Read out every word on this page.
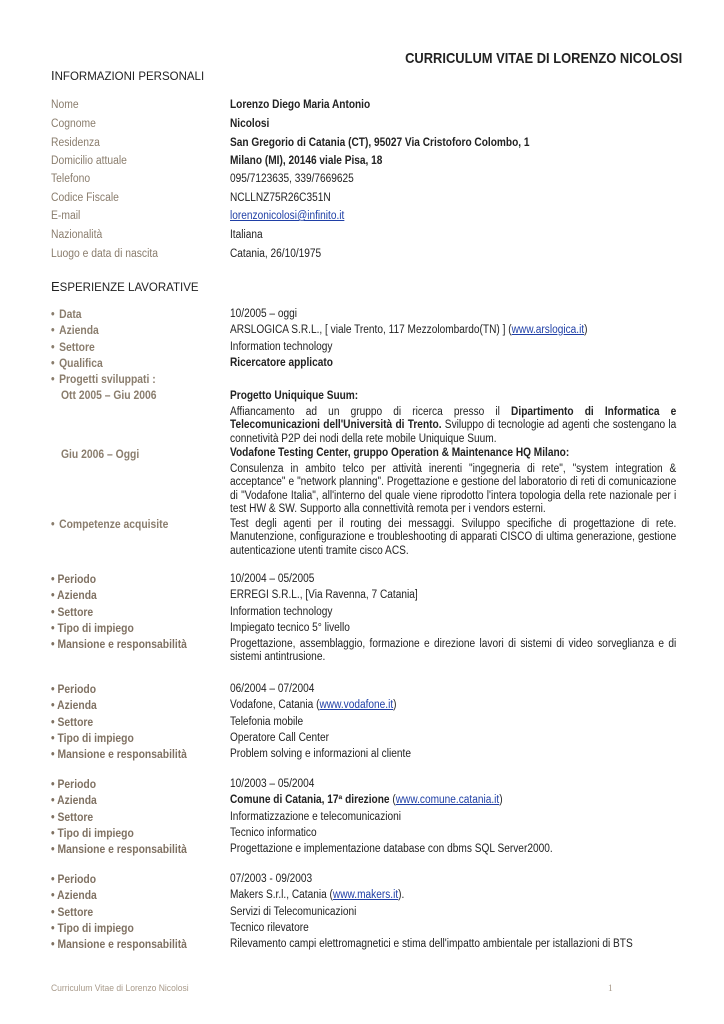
CURRICULUM VITAE DI LORENZO NICOLOSI
INFORMAZIONI PERSONALI
Nome	Lorenzo Diego Maria Antonio
Cognome	Nicolosi
Residenza	San Gregorio di Catania (CT), 95027 Via Cristoforo Colombo, 1
Domicilio attuale	Milano (MI), 20146 viale Pisa, 18
Telefono	095/7123635, 339/7669625
Codice Fiscale	NCLLNZ75R26C351N
E-mail	lorenzonicolosi@infinito.it
Nazionalità	Italiana
Luogo e data di nascita	Catania, 26/10/1975
ESPERIENZE LAVORATIVE
• Data	10/2005 – oggi
• Azienda	ARSLOGICA S.R.L., [ viale Trento, 117 Mezzolombardo(TN) ] (www.arslogica.it)
• Settore	Information technology
• Qualifica	Ricercatore applicato
• Progetti sviluppati :
Ott 2005 – Giu 2006	Progetto Uniquique Suum:
Affiancamento ad un gruppo di ricerca presso il Dipartimento di Informatica e Telecomunicazioni dell'Università di Trento. Sviluppo di tecnologie ad agenti che sostengano la connetività P2P dei nodi della rete mobile Uniquique Suum.
Giu 2006 – Oggi	Vodafone Testing Center, gruppo Operation & Maintenance HQ Milano:
Consulenza in ambito telco per attività inerenti "ingegneria di rete", "system integration & acceptance" e "network planning". Progettazione e gestione del laboratorio di reti di comunicazione di "Vodafone Italia", all'interno del quale viene riprodotto l'intera topologia della rete nazionale per i test HW & SW. Supporto alla connettività remota per i vendors esterni.
• Competenze acquisite	Test degli agenti per il routing dei messaggi. Sviluppo specifiche di progettazione di rete. Manutenzione, configurazione e troubleshooting di apparati CISCO di ultima generazione, gestione autenticazione utenti tramite cisco ACS.
• Periodo	10/2004 – 05/2005
• Azienda	ERREGI S.R.L., [Via Ravenna, 7 Catania]
• Settore	Information technology
• Tipo di impiego	Impiegato tecnico 5° livello
• Mansione e responsabilità	Progettazione, assemblaggio, formazione e direzione lavori di sistemi di video sorveglianza e di sistemi antintrusione.
• Periodo	06/2004 – 07/2004
• Azienda	Vodafone, Catania (www.vodafone.it)
• Settore	Telefonia mobile
• Tipo di impiego	Operatore Call Center
• Mansione e responsabilità	Problem solving e informazioni al cliente
• Periodo	10/2003 – 05/2004
• Azienda	Comune di Catania, 17ª direzione (www.comune.catania.it)
• Settore	Informatizzazione e telecomunicazioni
• Tipo di impiego	Tecnico informatico
• Mansione e responsabilità	Progettazione e implementazione database con dbms SQL Server2000.
• Periodo	07/2003 - 09/2003
• Azienda	Makers S.r.l., Catania (www.makers.it).
• Settore	Servizi di Telecomunicazioni
• Tipo di impiego	Tecnico rilevatore
• Mansione e responsabilità	Rilevamento campi elettromagnetici e stima dell'impatto ambientale per istallazioni di BTS
Curriculum Vitae di Lorenzo Nicolosi	1
